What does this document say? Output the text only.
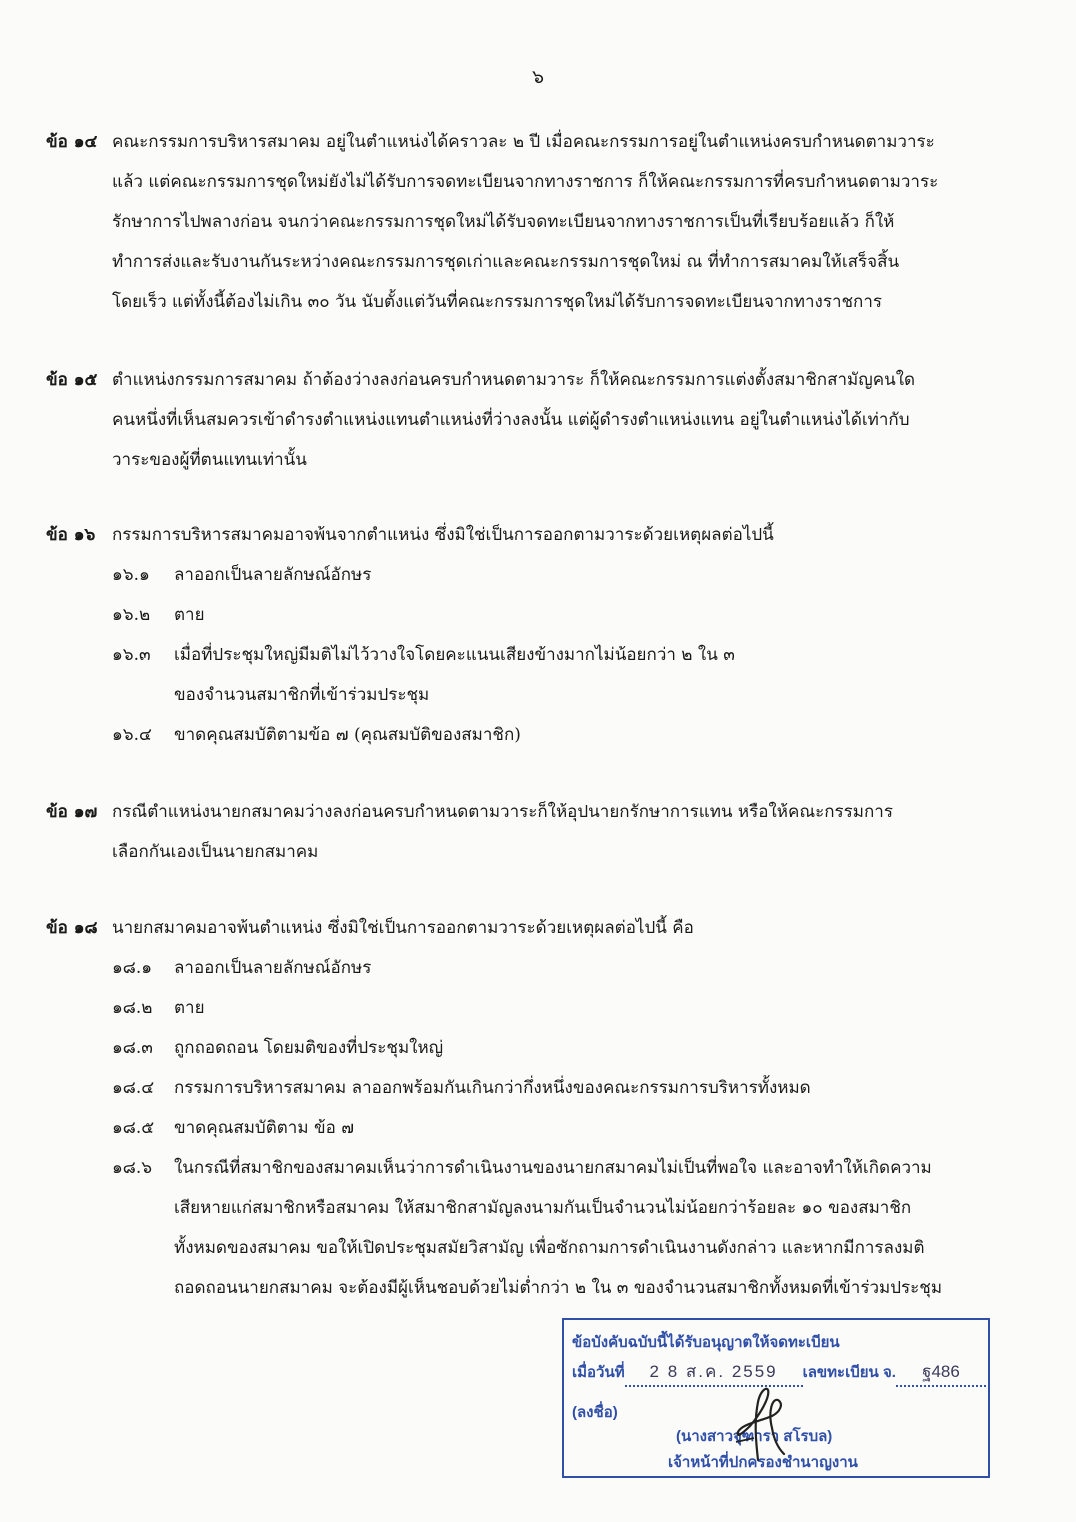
๖
ข้อ ๑๔ คณะกรรมการบริหารสมาคม อยู่ในตำแหน่งได้คราวละ ๒ ปี เมื่อคณะกรรมการอยู่ในตำแหน่งครบกำหนดตามวาระ
แล้ว แต่คณะกรรมการชุดใหม่ยังไม่ได้รับการจดทะเบียนจากทางราชการ ก็ให้คณะกรรมการที่ครบกำหนดตามวาระ
รักษาการไปพลางก่อน จนกว่าคณะกรรมการชุดใหม่ได้รับจดทะเบียนจากทางราชการเป็นที่เรียบร้อยแล้ว ก็ให้
ทำการส่งและรับงานกันระหว่างคณะกรรมการชุดเก่าและคณะกรรมการชุดใหม่ ณ ที่ทำการสมาคมให้เสร็จสิ้น
โดยเร็ว แต่ทั้งนี้ต้องไม่เกิน ๓๐ วัน นับตั้งแต่วันที่คณะกรรมการชุดใหม่ได้รับการจดทะเบียนจากทางราชการ
ข้อ ๑๕ ตำแหน่งกรรมการสมาคม ถ้าต้องว่างลงก่อนครบกำหนดตามวาระ ก็ให้คณะกรรมการแต่งตั้งสมาชิกสามัญคนใด
คนหนึ่งที่เห็นสมควรเข้าดำรงตำแหน่งแทนตำแหน่งที่ว่างลงนั้น แต่ผู้ดำรงตำแหน่งแทน อยู่ในตำแหน่งได้เท่ากับ
วาระของผู้ที่ตนแทนเท่านั้น
ข้อ ๑๖ กรรมการบริหารสมาคมอาจพ้นจากตำแหน่ง ซึ่งมิใช่เป็นการออกตามวาระด้วยเหตุผลต่อไปนี้
๑๖.๑	ลาออกเป็นลายลักษณ์อักษร
๑๖.๒	ตาย
๑๖.๓	เมื่อที่ประชุมใหญ่มีมติไม่ไว้วางใจโดยคะแนนเสียงข้างมากไม่น้อยกว่า ๒ ใน ๓
ของจำนวนสมาชิกที่เข้าร่วมประชุม
๑๖.๔	ขาดคุณสมบัติตามข้อ ๗ (คุณสมบัติของสมาชิก)
ข้อ ๑๗ กรณีตำแหน่งนายกสมาคมว่างลงก่อนครบกำหนดตามวาระก็ให้อุปนายกรักษาการแทน หรือให้คณะกรรมการ
เลือกกันเองเป็นนายกสมาคม
ข้อ ๑๘ นายกสมาคมอาจพ้นตำแหน่ง ซึ่งมิใช่เป็นการออกตามวาระด้วยเหตุผลต่อไปนี้ คือ
๑๘.๑	ลาออกเป็นลายลักษณ์อักษร
๑๘.๒	ตาย
๑๘.๓	ถูกถอดถอน โดยมติของที่ประชุมใหญ่
๑๘.๔	กรรมการบริหารสมาคม ลาออกพร้อมกันเกินกว่ากึ่งหนึ่งของคณะกรรมการบริหารทั้งหมด
๑๘.๕	ขาดคุณสมบัติตาม ข้อ ๗
๑๘.๖	ในกรณีที่สมาชิกของสมาคมเห็นว่าการดำเนินงานของนายกสมาคมไม่เป็นที่พอใจ และอาจทำให้เกิดความ
เสียหายแก่สมาชิกหรือสมาคม ให้สมาชิกสามัญลงนามกันเป็นจำนวนไม่น้อยกว่าร้อยละ ๑๐ ของสมาชิก
ทั้งหมดของสมาคม ขอให้เปิดประชุมสมัยวิสามัญ เพื่อซักถามการดำเนินงานดังกล่าว และหากมีการลงมติ
ถอดถอนนายกสมาคม จะต้องมีผู้เห็นชอบด้วยไม่ต่ำกว่า ๒ ใน ๓ ของจำนวนสมาชิกทั้งหมดที่เข้าร่วมประชุม
ข้อบังคับฉบับนี้ได้รับอนุญาตให้จดทะเบียน
เมื่อวันที่ 2 8 ส.ค. 2559 เลขทะเบียน จ. ฐ486
(ลงชื่อ)
(นางสาวจุฑารา สโรบล)
เจ้าหน้าที่ปกครองชำนาญงาน
